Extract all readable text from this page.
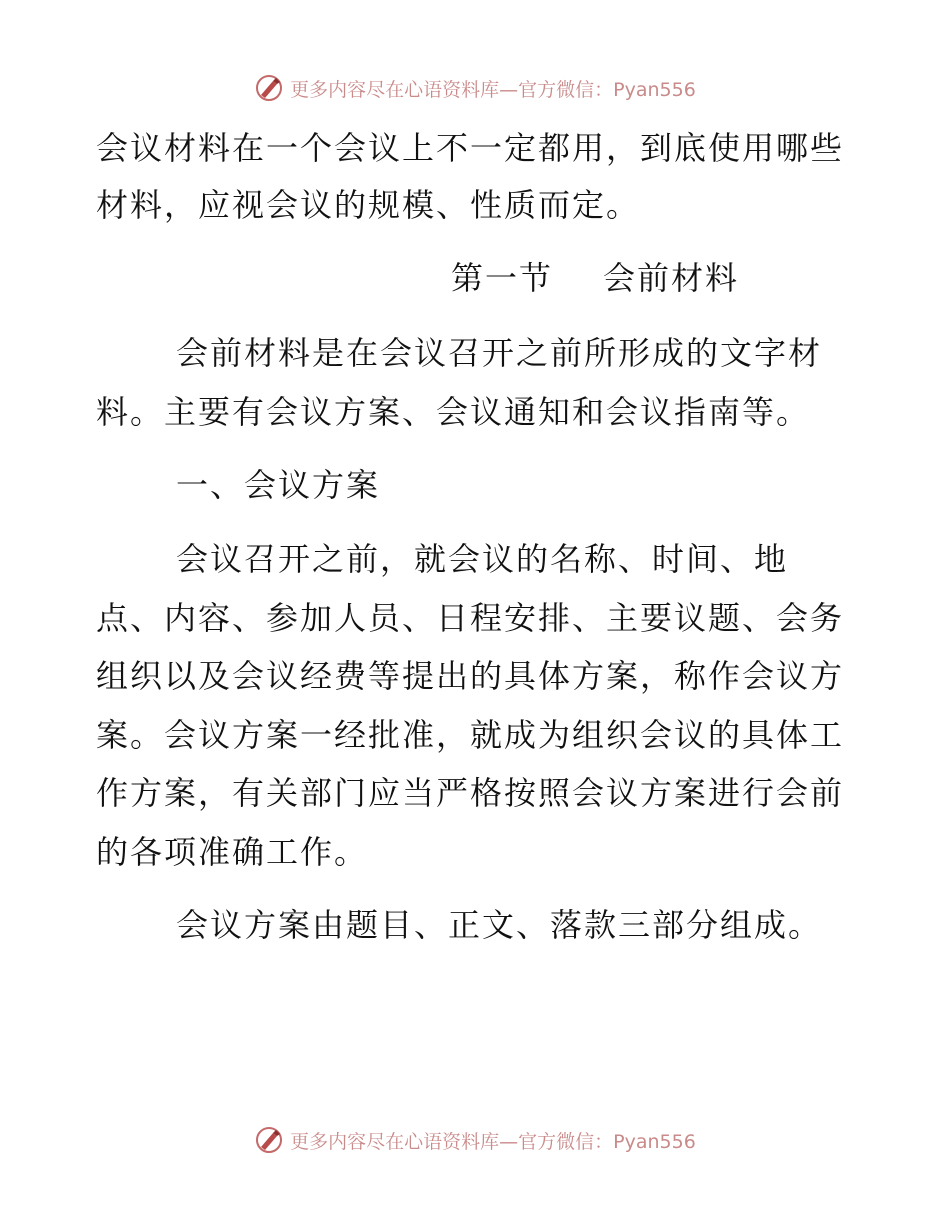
更多内容尽在心语资料库—官方微信：Pyan556
会议材料在一个会议上不一定都用，到底使用哪些
材料，应视会议的规模、性质而定。
第一节 会前材料
会前材料是在会议召开之前所形成的文字材
料。主要有会议方案、会议通知和会议指南等。
一、会议方案
会议召开之前，就会议的名称、时间、地
点、内容、参加人员、日程安排、主要议题、会务
组织以及会议经费等提出的具体方案，称作会议方
案。会议方案一经批准，就成为组织会议的具体工
作方案，有关部门应当严格按照会议方案进行会前
的各项准确工作。
会议方案由题目、正文、落款三部分组成。
更多内容尽在心语资料库—官方微信：Pyan556
